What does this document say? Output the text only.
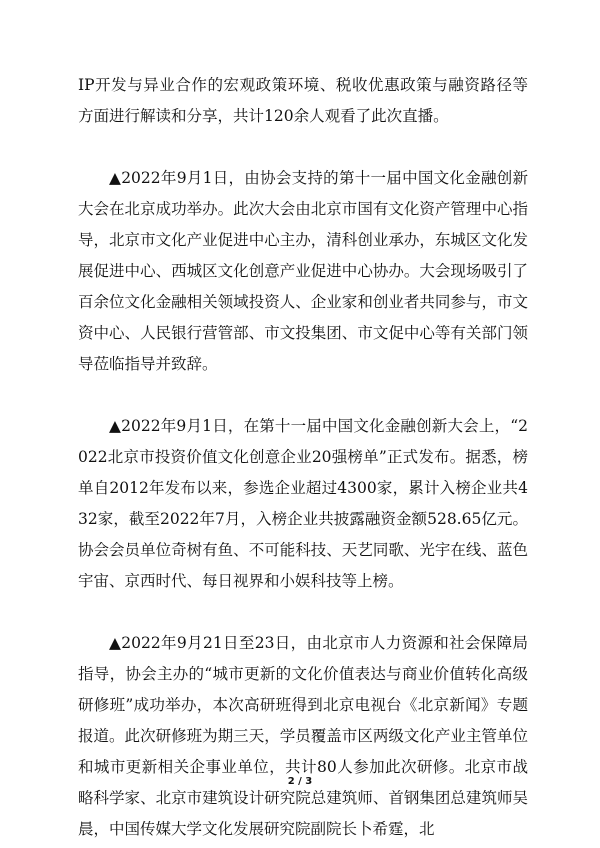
IP开发与异业合作的宏观政策环境、税收优惠政策与融资路径等方面进行解读和分享，共计120余人观看了此次直播。

▲2022年9月1日，由协会支持的第十一届中国文化金融创新大会在北京成功举办。此次大会由北京市国有文化资产管理中心指导，北京市文化产业促进中心主办，清科创业承办，东城区文化发展促进中心、西城区文化创意产业促进中心协办。大会现场吸引了百余位文化金融相关领域投资人、企业家和创业者共同参与，市文资中心、人民银行营管部、市文投集团、市文促中心等有关部门领导莅临指导并致辞。

▲2022年9月1日，在第十一届中国文化金融创新大会上，“2022北京市投资价值文化创意企业20强榜单”正式发布。据悉，榜单自2012年发布以来，参选企业超过4300家，累计入榜企业共432家，截至2022年7月，入榜企业共披露融资金额528.65亿元。协会会员单位奇树有鱼、不可能科技、天艺同歌、光宇在线、蓝色宇宙、京西时代、每日视界和小娱科技等上榜。

▲2022年9月21日至23日，由北京市人力资源和社会保障局指导，协会主办的“城市更新的文化价值表达与商业价值转化高级研修班”成功举办，本次高研班得到北京电视台《北京新闻》专题报道。此次研修班为期三天，学员覆盖市区两级文化产业主管单位和城市更新相关企事业单位，共计80人参加此次研修。北京市战略科学家、北京市建筑设计研究院总建筑师、首钢集团总建筑师吴晨，中国传媒大学文化发展研究院副院长卜希霆，北

2 / 3
